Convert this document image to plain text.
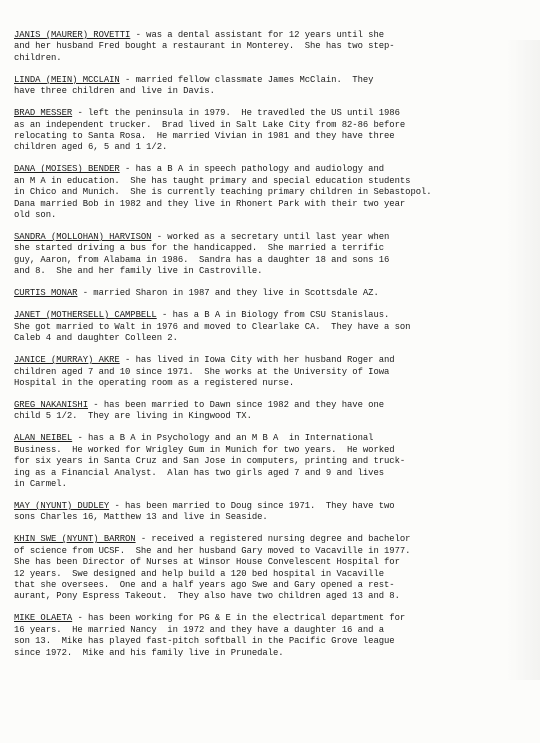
JANIS (MAURER) ROVETTI - was a dental assistant for 12 years until she

and her husband Fred bought a restaurant in Monterey.  She has two step-

children.

LINDA (MEIN) MCCLAIN - married fellow classmate James McClain.  They

have three children and live in Davis.

BRAD MESSER - left the peninsula in 1979.  He travedled the US until 1986

as an independent trucker.  Brad lived in Salt Lake City from 82-86 before

relocating to Santa Rosa.  He married Vivian in 1981 and they have three

children aged 6, 5 and 1 1/2.

DANA (MOISES) BENDER - has a B A in speech pathology and audiology and

an M A in education.  She has taught primary and special education students

in Chico and Munich.  She is currently teaching primary children in Sebastopol.

Dana married Bob in 1982 and they live in Rhonert Park with their two year

old son.

SANDRA (MOLLOHAN) HARVISON - worked as a secretary until last year when

she started driving a bus for the handicapped.  She married a terrific

guy, Aaron, from Alabama in 1986.  Sandra has a daughter 18 and sons 16

and 8.  She and her family live in Castroville.

CURTIS MONAR - married Sharon in 1987 and they live in Scottsdale AZ.

JANET (MOTHERSELL) CAMPBELL - has a B A in Biology from CSU Stanislaus.

She got married to Walt in 1976 and moved to Clearlake CA.  They have a son

Caleb 4 and daughter Colleen 2.

JANICE (MURRAY) AKRE - has lived in Iowa City with her husband Roger and

children aged 7 and 10 since 1971.  She works at the University of Iowa

Hospital in the operating room as a registered nurse.

GREG NAKANISHI - has been married to Dawn since 1982 and they have one

child 5 1/2.  They are living in Kingwood TX.

ALAN NEIBEL - has a B A in Psychology and an M B A  in International

Business.  He worked for Wrigley Gum in Munich for two years.  He worked

for six years in Santa Cruz and San Jose in computers, printing and truck-

ing as a Financial Analyst.  Alan has two girls aged 7 and 9 and lives

in Carmel.

MAY (NYUNT) DUDLEY - has been married to Doug since 1971.  They have two

sons Charles 16, Matthew 13 and live in Seaside.

KHIN SWE (NYUNT) BARRON - received a registered nursing degree and bachelor

of science from UCSF.  She and her husband Gary moved to Vacaville in 1977.

She has been Director of Nurses at Winsor House Convelescent Hospital for

12 years.  Swe designed and help build a 120 bed hospital in Vacaville

that she oversees.  One and a half years ago Swe and Gary opened a rest-

aurant, Pony Espress Takeout.  They also have two children aged 13 and 8.

MIKE OLAETA - has been working for PG & E in the electrical department for

16 years.  He married Nancy  in 1972 and they have a daughter 16 and a

son 13.  Mike has played fast-pitch softball in the Pacific Grove league

since 1972.  Mike and his family live in Prunedale.
